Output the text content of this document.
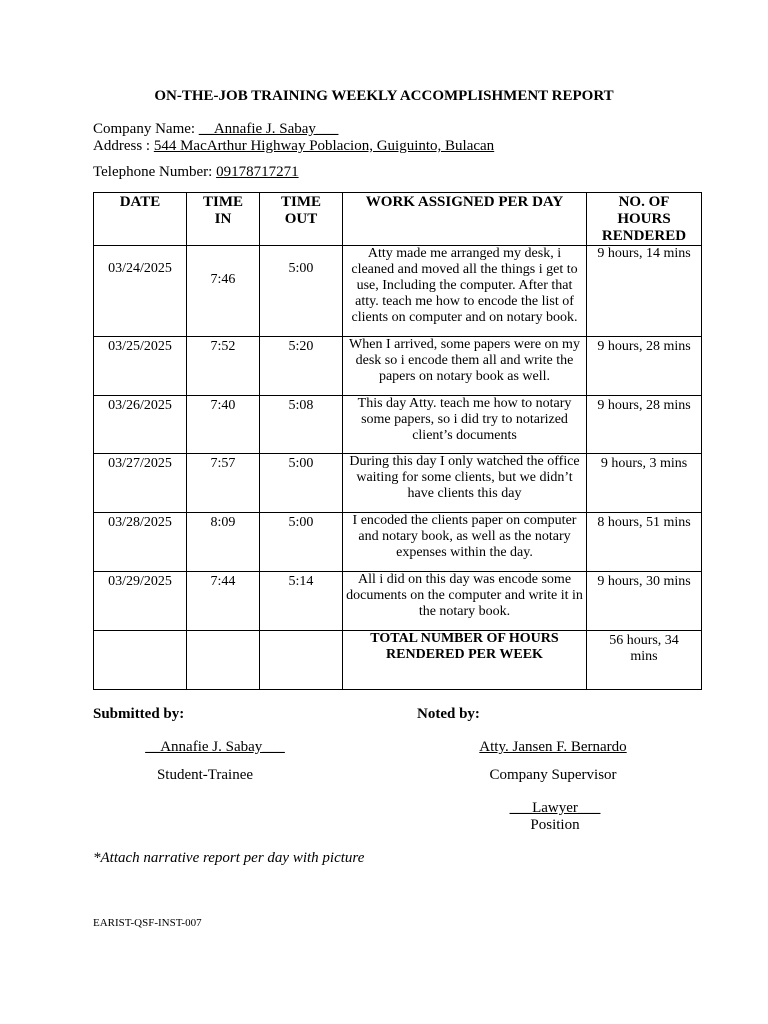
ON-THE-JOB TRAINING WEEKLY ACCOMPLISHMENT REPORT
Company Name: __Annafie J. Sabay___
Address : 544 MacArthur Highway Poblacion, Guiguinto, Bulacan
Telephone Number: 09178717271
DATE	TIME IN	TIME OUT	WORK ASSIGNED PER DAY	NO. OF HOURS RENDERED

03/24/2025	7:46	5:00	Atty made me arranged my desk, i cleaned and moved all the things i get to use, Including the computer. After that atty. teach me how to encode the list of clients on computer and on notary book.	9 hours, 14 mins
03/25/2025	7:52	5:20	When I arrived, some papers were on my desk so i encode them all and write the papers on notary book as well.	9 hours, 28 mins
03/26/2025	7:40	5:08	This day Atty. teach me how to notary some papers, so i did try to notarized client’s documents	9 hours, 28 mins
03/27/2025	7:57	5:00	During this day I only watched the office waiting for some clients, but we didn’t have clients this day	9 hours, 3 mins
03/28/2025	8:09	5:00	I encoded the clients paper on computer and notary book, as well as the notary expenses within the day.	8 hours, 51 mins
03/29/2025	7:44	5:14	All i did on this day was encode some documents on the computer and write it in the notary book.	9 hours, 30 mins
			TOTAL NUMBER OF HOURS RENDERED PER WEEK	56 hours, 34 mins
Submitted by:	Noted by:
__Annafie J. Sabay___
Student-Trainee
Atty. Jansen F. Bernardo
Company Supervisor
___Lawyer___
Position
*Attach narrative report per day with picture
EARIST-QSF-INST-007
